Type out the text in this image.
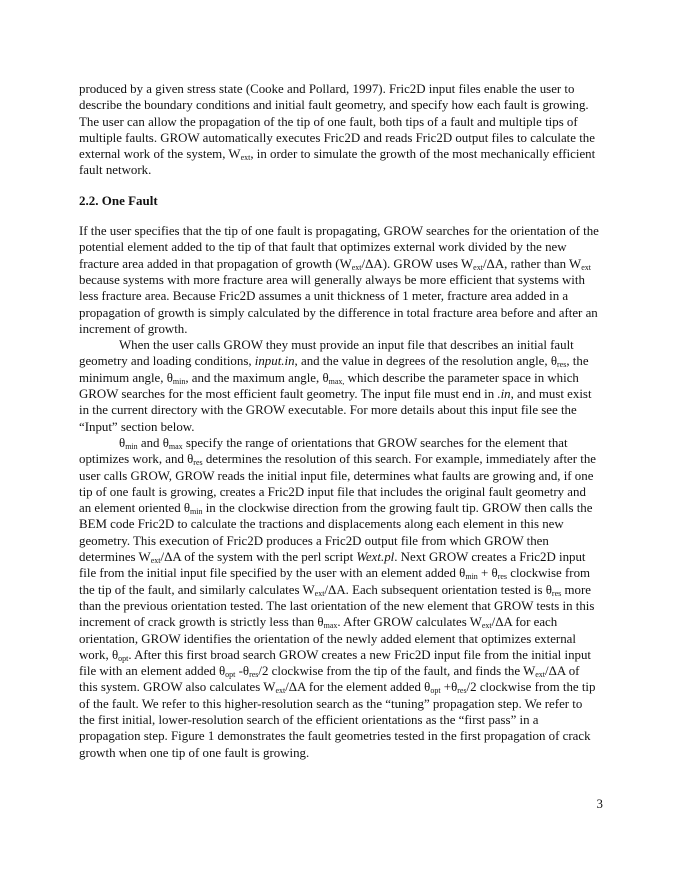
produced by a given stress state (Cooke and Pollard, 1997). Fric2D input files enable the user to describe the boundary conditions and initial fault geometry, and specify how each fault is growing. The user can allow the propagation of the tip of one fault, both tips of a fault and multiple tips of multiple faults. GROW automatically executes Fric2D and reads Fric2D output files to calculate the external work of the system, $W_{ext}$, in order to simulate the growth of the most mechanically efficient fault network.

2.2. One Fault

If the user specifies that the tip of one fault is propagating, GROW searches for the orientation of the potential element added to the tip of that fault that optimizes external work divided by the new fracture area added in that propagation of growth $(W_{ext}/\Delta A)$. GROW uses $W_{ext}/\Delta A$, rather than $W_{ext}$ because systems with more fracture area will generally always be more efficient that systems with less fracture area. Because Fric2D assumes a unit thickness of 1 meter, fracture area added in a propagation of growth is simply calculated by the difference in total fracture area before and after an increment of growth.

When the user calls GROW they must provide an input file that describes an initial fault geometry and loading conditions, input.in, and the value in degrees of the resolution angle, $\theta_{res}$, the minimum angle, $\theta_{min}$, and the maximum angle, $\theta_{max,}$ which describe the parameter space in which GROW searches for the most efficient fault geometry. The input file must end in .in, and must exist in the current directory with the GROW executable. For more details about this input file see the “Input” section below.

$\theta_{min}$ and $\theta_{max}$ specify the range of orientations that GROW searches for the element that optimizes work, and $\theta_{res}$ determines the resolution of this search. For example, immediately after the user calls GROW, GROW reads the initial input file, determines what faults are growing and, if one tip of one fault is growing, creates a Fric2D input file that includes the original fault geometry and an element oriented $\theta_{min}$ in the clockwise direction from the growing fault tip. GROW then calls the BEM code Fric2D to calculate the tractions and displacements along each element in this new geometry. This execution of Fric2D produces a Fric2D output file from which GROW then determines $W_{ext}/\Delta A$ of the system with the perl script Wext.pl. Next GROW creates a Fric2D input file from the initial input file specified by the user with an element added $\theta_{min} + \theta_{res}$ clockwise from the tip of the fault, and similarly calculates $W_{ext}/\Delta A$. Each subsequent orientation tested is $\theta_{res}$ more than the previous orientation tested. The last orientation of the new element that GROW tests in this increment of crack growth is strictly less than $\theta_{max}$. After GROW calculates $W_{ext}/\Delta A$ for each orientation, GROW identifies the orientation of the newly added element that optimizes external work, $\theta_{opt}$. After this first broad search GROW creates a new Fric2D input file from the initial input file with an element added $\theta_{opt}$ $-\theta_{res}/2$ clockwise from the tip of the fault, and finds the $W_{ext}/\Delta A$ of this system. GROW also calculates $W_{ext}/\Delta A$ for the element added $\theta_{opt} +\theta_{res}/2$ clockwise from the tip of the fault. We refer to this higher-resolution search as the “tuning” propagation step. We refer to the first initial, lower-resolution search of the efficient orientations as the “first pass” in a propagation step. Figure 1 demonstrates the fault geometries tested in the first propagation of crack growth when one tip of one fault is growing.

3
